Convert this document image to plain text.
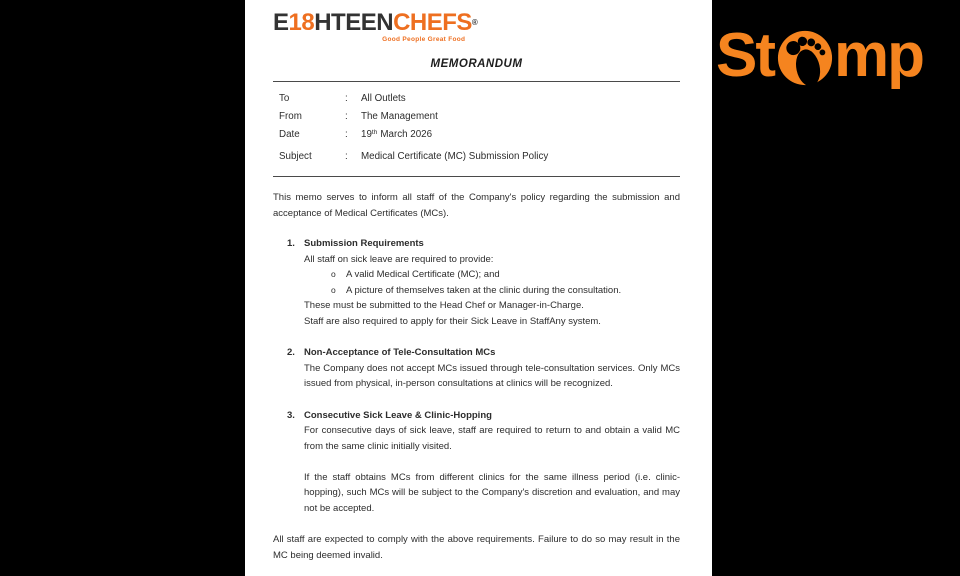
E18HTEENCHEFS®
Good People Great Food
MEMORANDUM
To	:	All Outlets
From	:	The Management
Date	:	19th March 2026
Subject	:	Medical Certificate (MC) Submission Policy

This memo serves to inform all staff of the Company's policy regarding the submission and acceptance of Medical Certificates (MCs).

1. Submission Requirements
All staff on sick leave are required to provide:
o	A valid Medical Certificate (MC); and
o	A picture of themselves taken at the clinic during the consultation.
These must be submitted to the Head Chef or Manager-in-Charge.
Staff are also required to apply for their Sick Leave in StaffAny system.
2. Non-Acceptance of Tele-Consultation MCs
The Company does not accept MCs issued through tele-consultation services. Only MCs issued from physical, in-person consultations at clinics will be recognized.
3. Consecutive Sick Leave & Clinic-Hopping
For consecutive days of sick leave, staff are required to return to and obtain a valid MC from the same clinic initially visited.
If the staff obtains MCs from different clinics for the same illness period (i.e. clinic-hopping), such MCs will be subject to the Company's discretion and evaluation, and may not be accepted.

All staff are expected to comply with the above requirements. Failure to do so may result in the MC being deemed invalid.

St mp
